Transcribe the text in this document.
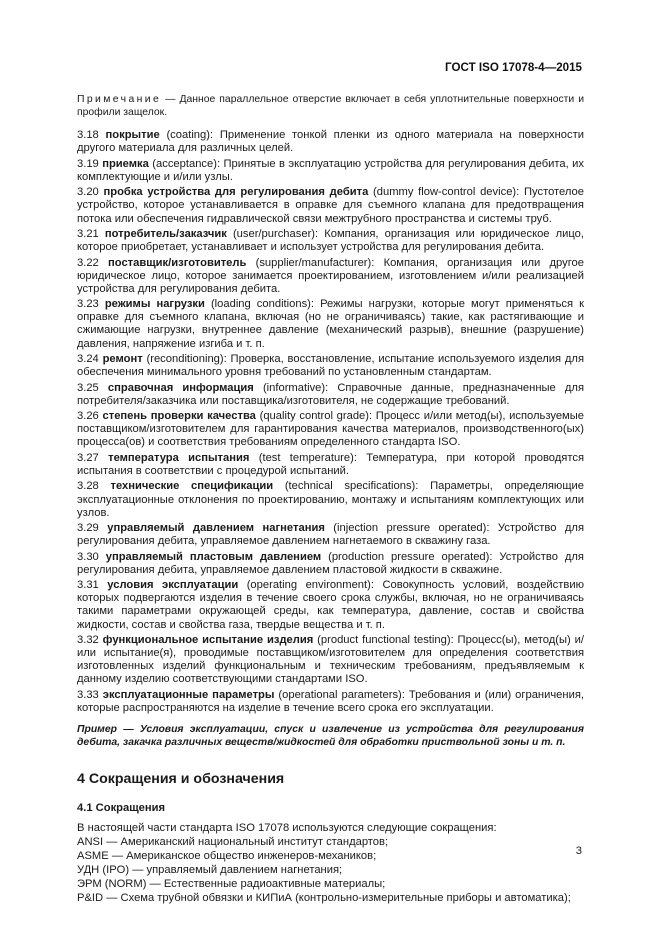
ГОСТ ISO 17078-4—2015

Примечание — Данное параллельное отверстие включает в себя уплотнительные поверхности и профили защелок.

3.18 покрытие (coating): Применение тонкой пленки из одного материала на поверхности другого материала для различных целей.

3.19 приемка (acceptance): Принятые в эксплуатацию устройства для регулирования дебита, их комплектующие и и/или узлы.

3.20 пробка устройства для регулирования дебита (dummy flow-control device): Пустотелое устройство, которое устанавливается в оправке для съемного клапана для предотвращения потока или обеспечения гидравлической связи межтрубного пространства и системы труб.

3.21 потребитель/заказчик (user/purchaser): Компания, организация или юридическое лицо, которое приобретает, устанавливает и использует устройства для регулирования дебита.

3.22 поставщик/изготовитель (supplier/manufacturer): Компания, организация или другое юридическое лицо, которое занимается проектированием, изготовлением и/или реализацией устройства для регулирования дебита.

3.23 режимы нагрузки (loading conditions): Режимы нагрузки, которые могут применяться к оправке для съемного клапана, включая (но не ограничиваясь) такие, как растягивающие и сжимающие нагрузки, внутреннее давление (механический разрыв), внешние (разрушение) давления, напряжение изгиба и т. п.

3.24 ремонт (reconditioning): Проверка, восстановление, испытание используемого изделия для обеспечения минимального уровня требований по установленным стандартам.

3.25 справочная информация (informative): Справочные данные, предназначенные для потребителя/заказчика или поставщика/изготовителя, не содержащие требований.

3.26 степень проверки качества (quality control grade): Процесс и/или метод(ы), используемые поставщиком/изготовителем для гарантирования качества материалов, производственного(ых) процесса(ов) и соответствия требованиям определенного стандарта ISO.

3.27 температура испытания (test temperature): Температура, при которой проводятся испытания в соответствии с процедурой испытаний.

3.28 технические спецификации (technical specifications): Параметры, определяющие эксплуатационные отклонения по проектированию, монтажу и испытаниям комплектующих или узлов.

3.29 управляемый давлением нагнетания (injection pressure operated): Устройство для регулирования дебита, управляемое давлением нагнетаемого в скважину газа.

3.30 управляемый пластовым давлением (production pressure operated): Устройство для регулирования дебита, управляемое давлением пластовой жидкости в скважине.

3.31 условия эксплуатации (operating environment): Совокупность условий, воздействию которых подвергаются изделия в течение своего срока службы, включая, но не ограничиваясь такими параметрами окружающей среды, как температура, давление, состав и свойства жидкости, состав и свойства газа, твердые вещества и т. п.

3.32 функциональное испытание изделия (product functional testing): Процесс(ы), метод(ы) и/или испытание(я), проводимые поставщиком/изготовителем для определения соответствия изготовленных изделий функциональным и техническим требованиям, предъявляемым к данному изделию соответствующими стандартами ISO.

3.33 эксплуатационные параметры (operational parameters): Требования и (или) ограничения, которые распространяются на изделие в течение всего срока его эксплуатации.

Пример — Условия эксплуатации, спуск и извлечение из устройства для регулирования дебита, закачка различных веществ/жидкостей для обработки приствольной зоны и т. п.

4 Сокращения и обозначения
4.1 Сокращения

В настоящей части стандарта ISO 17078 используются следующие сокращения:

ANSI — Американский национальный институт стандартов;

ASME — Американское общество инженеров-механиков;

УДН (IPO) — управляемый давлением нагнетания;

ЭРМ (NORM) — Естественные радиоактивные материалы;

P&ID — Схема трубной обвязки и КИПиА (контрольно-измерительные приборы и автоматика);

3
